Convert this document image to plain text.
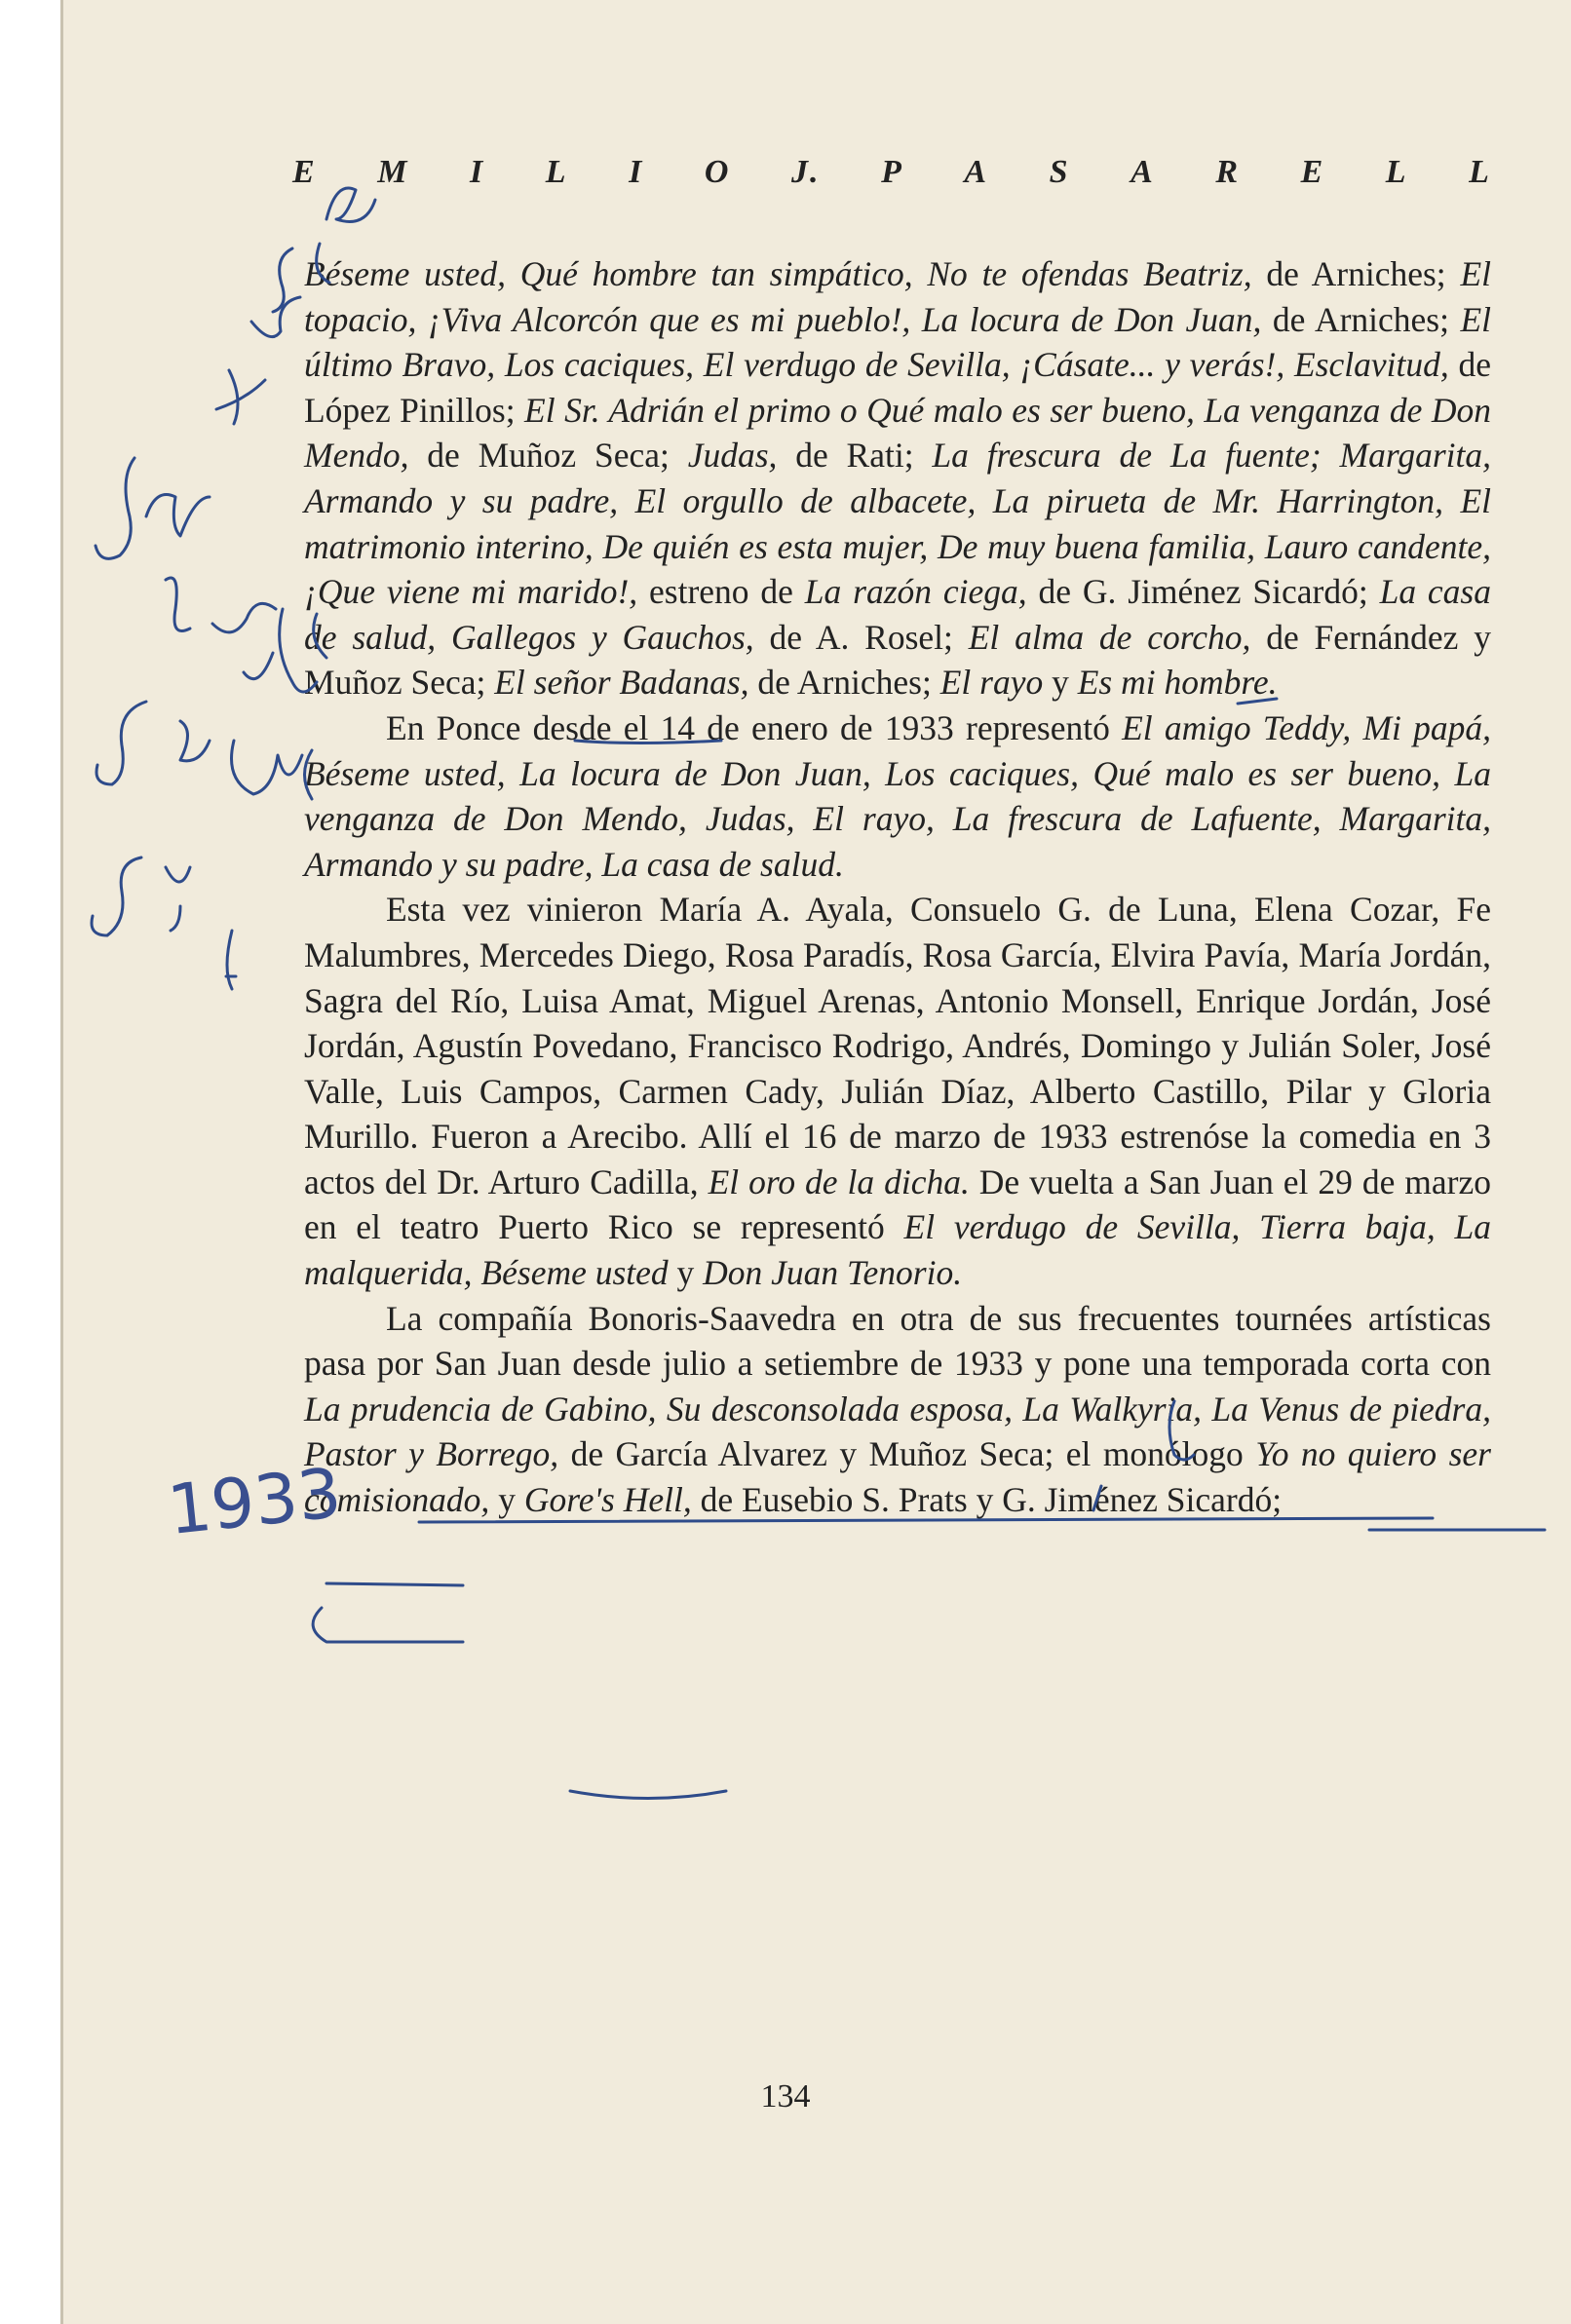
E M I L I O J. P A S A R E L L

Béseme usted, Qué hombre tan simpático, No te ofendas Beatriz, de Arniches; El topacio, ¡Viva Alcorcón que es mi pueblo!, La locura de Don Juan, de Arniches; El último Bravo, Los caciques, El verdugo de Sevilla, ¡Cásate... y verás!, Esclavitud, de López Pinillos; El Sr. Adrián el primo o Qué malo es ser bueno, La venganza de Don Mendo, de Muñoz Seca; Judas, de Rati; La frescura de La fuente; Margarita, Armando y su padre, El orgullo de albacete, La pirueta de Mr. Harrington, El matrimonio interino, De quién es esta mujer, De muy buena familia, Lauro candente, ¡Que viene mi marido!, estreno de La razón ciega, de G. Jiménez Sicardó; La casa de salud, Gallegos y Gauchos, de A. Rosel; El alma de corcho, de Fernández y Muñoz Seca; El señor Badanas, de Arniches; El rayo y Es mi hombre.

En Ponce desde el 14 de enero de 1933 representó El amigo Teddy, Mi papá, Béseme usted, La locura de Don Juan, Los caciques, Qué malo es ser bueno, La venganza de Don Mendo, Judas, El rayo, La frescura de Lafuente, Margarita, Armando y su padre, La casa de salud.

Esta vez vinieron María A. Ayala, Consuelo G. de Luna, Elena Cozar, Fe Malumbres, Mercedes Diego, Rosa Paradís, Rosa García, Elvira Pavía, María Jordán, Sagra del Río, Luisa Amat, Miguel Arenas, Antonio Monsell, Enrique Jordán, José Jordán, Agustín Povedano, Francisco Rodrigo, Andrés, Domingo y Julián Soler, José Valle, Luis Campos, Carmen Cady, Julián Díaz, Alberto Castillo, Pilar y Gloria Murillo. Fueron a Arecibo. Allí el 16 de marzo de 1933 estrenóse la comedia en 3 actos del Dr. Arturo Cadilla, El oro de la dicha. De vuelta a San Juan el 29 de marzo en el teatro Puerto Rico se representó El verdugo de Sevilla, Tierra baja, La malquerida, Béseme usted y Don Juan Tenorio.

La compañía Bonoris-Saavedra en otra de sus frecuentes tournées artísticas pasa por San Juan desde julio a setiembre de 1933 y pone una temporada corta con La prudencia de Gabino, Su desconsolada esposa, La Walkyria, La Venus de piedra, Pastor y Borrego, de García Alvarez y Muñoz Seca; el monólogo Yo no quiero ser comisionado, y Gore's Hell, de Eusebio S. Prats y G. Jiménez Sicardó;

134
1933
